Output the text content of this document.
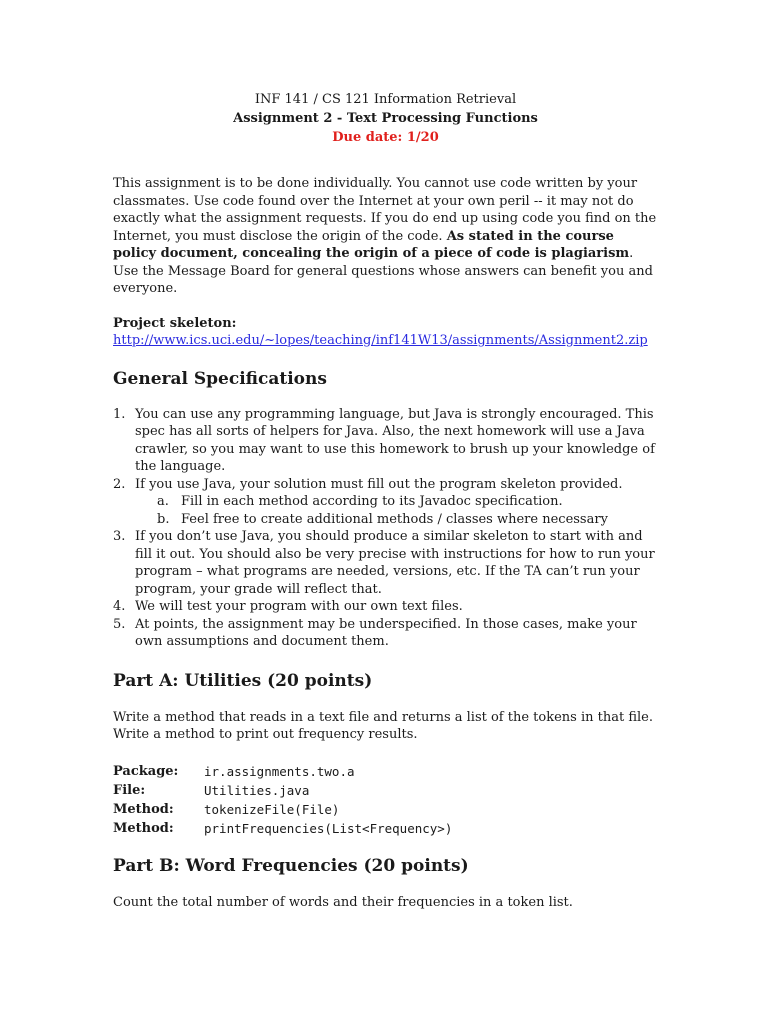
INF 141 / CS 121 Information Retrieval
Assignment 2 - Text Processing Functions
Due date: 1/20

This assignment is to be done individually. You cannot use code written by your classmates. Use code found over the Internet at your own peril -- it may not do exactly what the assignment requests. If you do end up using code you find on the Internet, you must disclose the origin of the code. As stated in the course policy document, concealing the origin of a piece of code is plagiarism. Use the Message Board for general questions whose answers can benefit you and everyone.

Project skeleton:

http://www.ics.uci.edu/~lopes/teaching/inf141W13/assignments/Assignment2.zip

General Specifications
1. You can use any programming language, but Java is strongly encouraged. This spec has all sorts of helpers for Java. Also, the next homework will use a Java crawler, so you may want to use this homework to brush up your knowledge of the language.
2. If you use Java, your solution must fill out the program skeleton provided.
a. Fill in each method according to its Javadoc specification.
b. Feel free to create additional methods / classes where necessary
3. If you don’t use Java, you should produce a similar skeleton to start with and fill it out. You should also be very precise with instructions for how to run your program – what programs are needed, versions, etc. If the TA can’t run your program, your grade will reflect that.
4. We will test your program with our own text files.
5. At points, the assignment may be underspecified. In those cases, make your own assumptions and document them.
Part A: Utilities (20 points)

Write a method that reads in a text file and returns a list of the tokens in that file. Write a method to print out frequency results.

Package:	ir.assignments.two.a
File:	Utilities.java
Method:	tokenizeFile(File)
Method:	printFrequencies(List<Frequency>)
Part B: Word Frequencies (20 points)

Count the total number of words and their frequencies in a token list.
